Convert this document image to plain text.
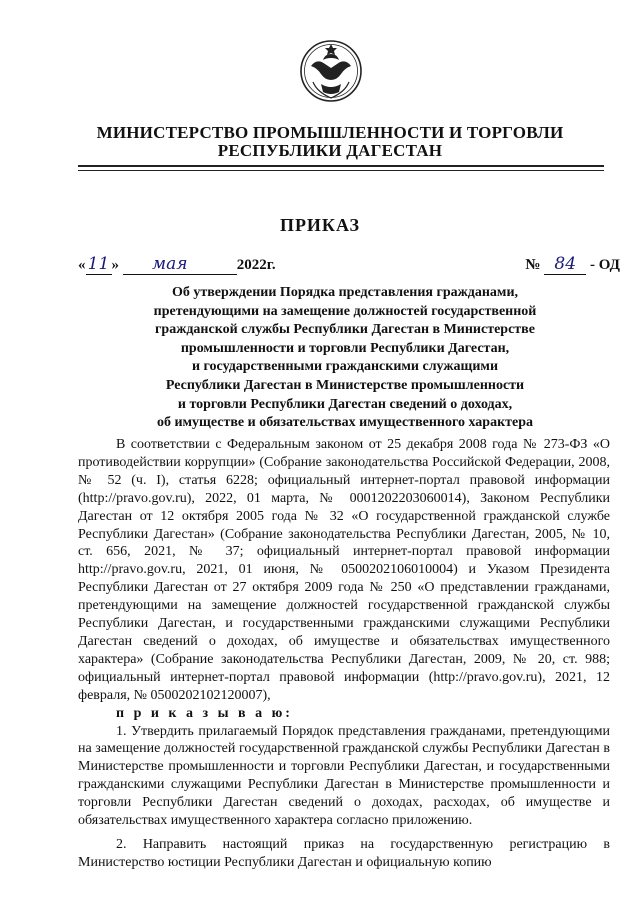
МИНИСТЕРСТВО ПРОМЫШЛЕННОСТИ И ТОРГОВЛИ
РЕСПУБЛИКИ ДАГЕСТАН
ПРИКАЗ
« 11 » мая	2022г.	№ 84 - ОД
Об утверждении Порядка представления гражданами,
претендующими на замещение должностей государственной
гражданской службы Республики Дагестан в Министерстве
промышленности и торговли Республики Дагестан,
и государственными гражданскими служащими
Республики Дагестан в Министерстве промышленности
и торговли Республики Дагестан сведений о доходах,
об имуществе и обязательствах имущественного характера

В соответствии с Федеральным законом от 25 декабря 2008 года № 273-ФЗ «О противодействии коррупции» (Собрание законодательства Российской Федерации, 2008, № 52 (ч. I), статья 6228; официальный интернет-портал правовой информации (http://pravo.gov.ru), 2022, 01 марта, № 0001202203060014), Законом Республики Дагестан от 12 октября 2005 года № 32 «О государственной гражданской службе Республики Дагестан» (Собрание законодательства Республики Дагестан, 2005, № 10, ст. 656, 2021, № 37; официальный интернет-портал правовой информации http://pravo.gov.ru, 2021, 01 июня, № 0500202106010004) и Указом Президента Республики Дагестан от 27 октября 2009 года № 250 «О представлении гражданами, претендующими на замещение должностей государственной гражданской службы Республики Дагестан, и государственными гражданскими служащими Республики Дагестан сведений о доходах, об имуществе и обязательствах имущественного характера» (Собрание законодательства Республики Дагестан, 2009, № 20, ст. 988; официальный интернет-портал правовой информации (http://pravo.gov.ru), 2021, 12 февраля, № 0500202102120007),

п р и к а з ы в а ю:

1. Утвердить прилагаемый Порядок представления гражданами, претендующими на замещение должностей государственной гражданской службы Республики Дагестан в Министерстве промышленности и торговли Республики Дагестан, и государственными гражданскими служащими Республики Дагестан в Министерстве промышленности и торговли Республики Дагестан сведений о доходах, расходах, об имуществе и обязательствах имущественного характера согласно приложению.

2. Направить настоящий приказ на государственную регистрацию в Министерство юстиции Республики Дагестан и официальную копию
